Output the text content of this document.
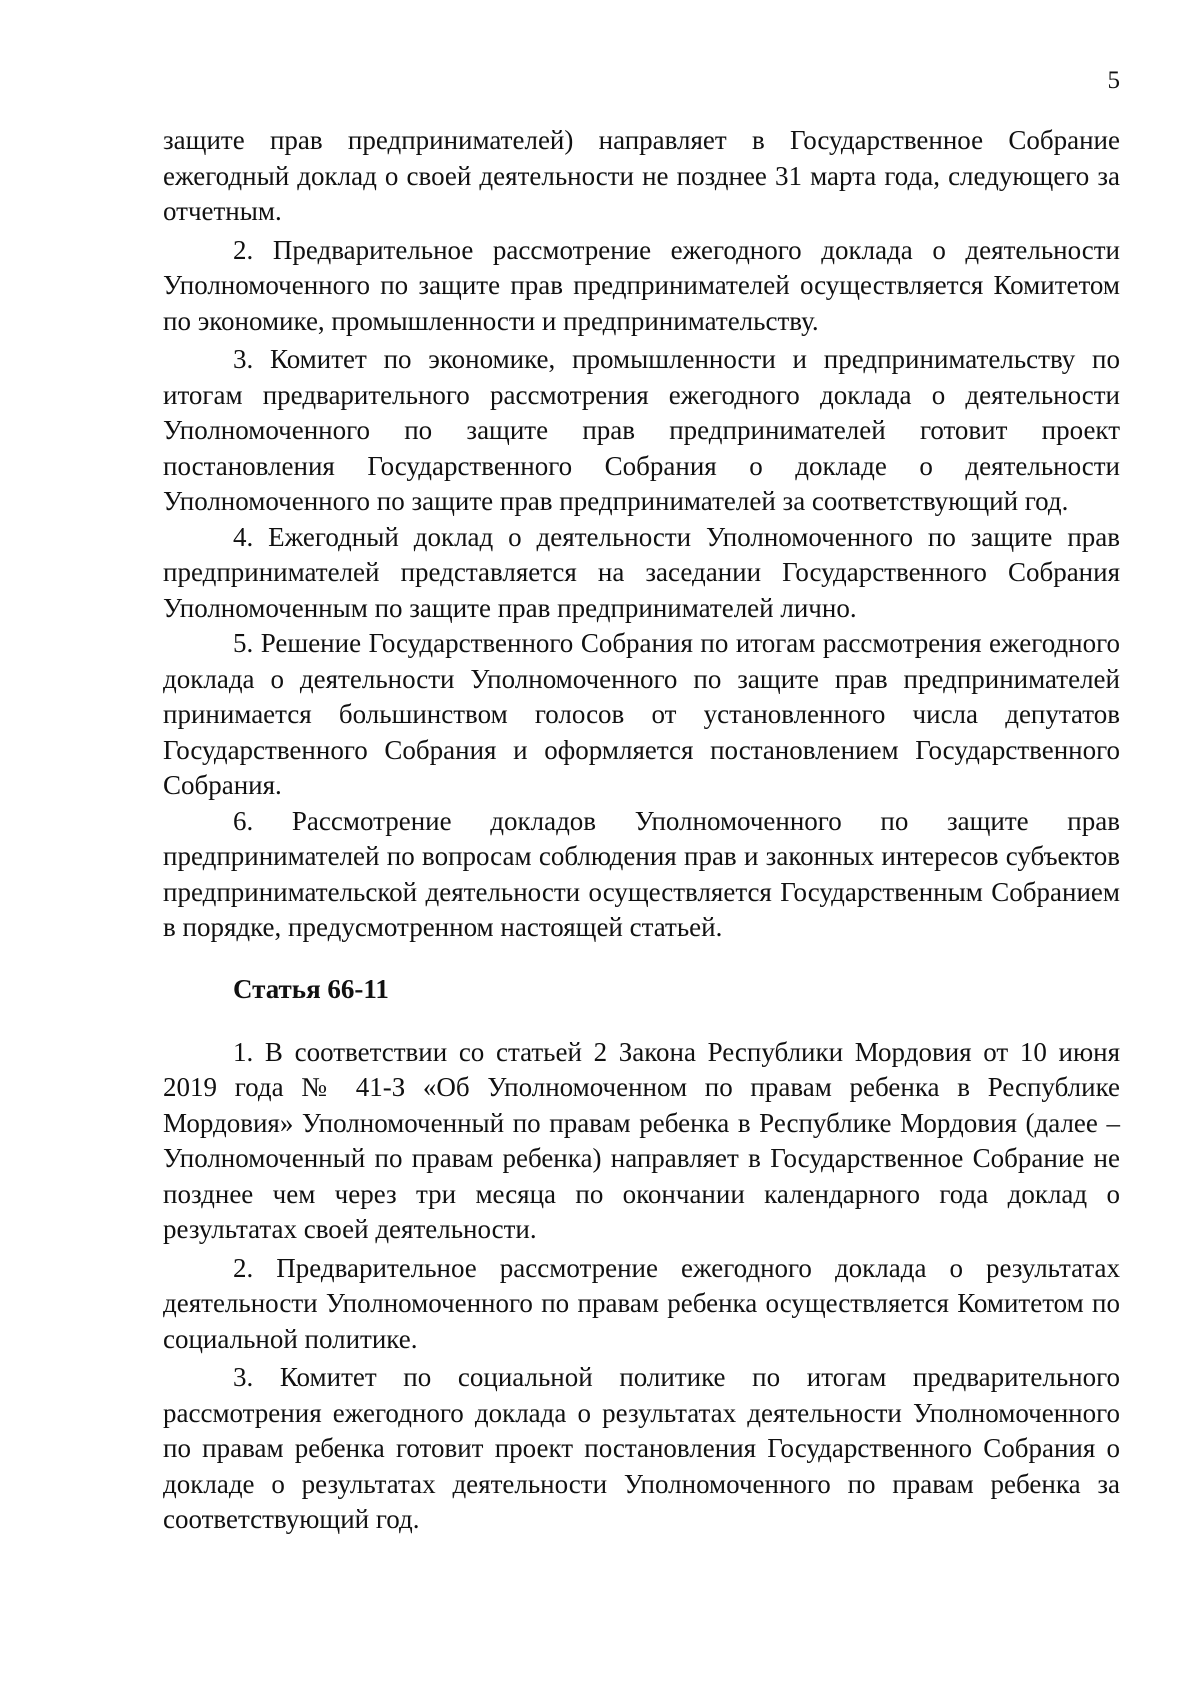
5

защите прав предпринимателей) направляет в Государственное Собрание ежегодный доклад о своей деятельности не позднее 31 марта года, следующего за отчетным.

2. Предварительное рассмотрение ежегодного доклада о деятельности Уполномоченного по защите прав предпринимателей осуществляется Комитетом по экономике, промышленности и предпринимательству.

3. Комитет по экономике, промышленности и предпринимательству по итогам предварительного рассмотрения ежегодного доклада о деятельности Уполномоченного по защите прав предпринимателей готовит проект постановления Государственного Собрания о докладе о деятельности Уполномоченного по защите прав предпринимателей за соответствующий год.

4. Ежегодный доклад о деятельности Уполномоченного по защите прав предпринимателей представляется на заседании Государственного Собрания Уполномоченным по защите прав предпринимателей лично.

5. Решение Государственного Собрания по итогам рассмотрения ежегодного доклада о деятельности Уполномоченного по защите прав предпринимателей принимается большинством голосов от установленного числа депутатов Государственного Собрания и оформляется постановлением Государственного Собрания.

6. Рассмотрение докладов Уполномоченного по защите прав предпринимателей по вопросам соблюдения прав и законных интересов субъектов предпринимательской деятельности осуществляется Государственным Собранием в порядке, предусмотренном настоящей статьей.

Статья 66-11

1. В соответствии со статьей 2 Закона Республики Мордовия от 10 июня 2019 года № 41-З «Об Уполномоченном по правам ребенка в Республике Мордовия» Уполномоченный по правам ребенка в Республике Мордовия (далее – Уполномоченный по правам ребенка) направляет в Государственное Собрание не позднее чем через три месяца по окончании календарного года доклад о результатах своей деятельности.

2. Предварительное рассмотрение ежегодного доклада о результатах деятельности Уполномоченного по правам ребенка осуществляется Комитетом по социальной политике.

3. Комитет по социальной политике по итогам предварительного рассмотрения ежегодного доклада о результатах деятельности Уполномоченного по правам ребенка готовит проект постановления Государственного Собрания о докладе о результатах деятельности Уполномоченного по правам ребенка за соответствующий год.
